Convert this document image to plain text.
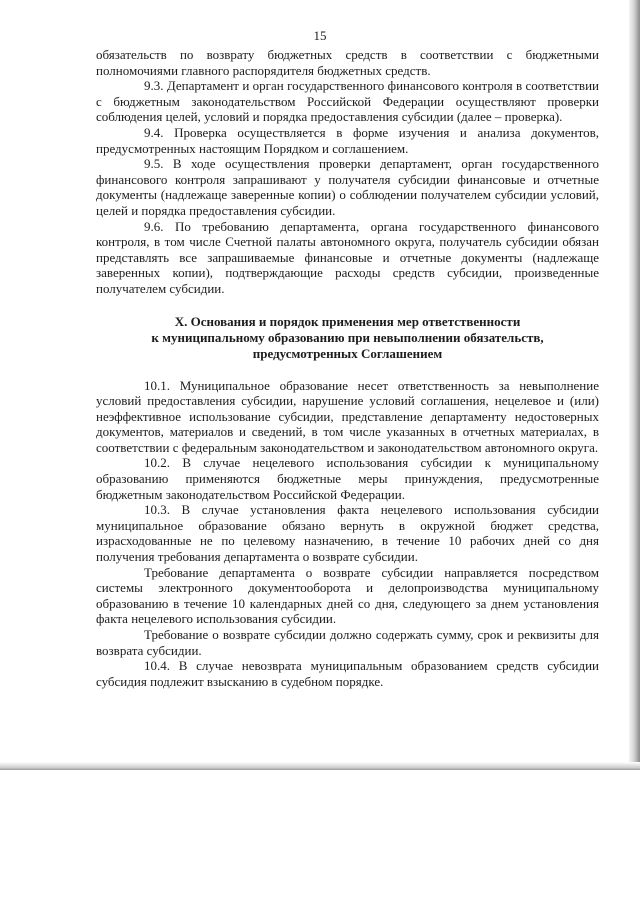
15

обязательств по возврату бюджетных средств в соответствии с бюджетными полномочиями главного распорядителя бюджетных средств.

9.3. Департамент и орган государственного финансового контроля в соответствии с бюджетным законодательством Российской Федерации осуществляют проверки соблюдения целей, условий и порядка предоставления субсидии (далее – проверка).

9.4. Проверка осуществляется в форме изучения и анализа документов, предусмотренных настоящим Порядком и соглашением.

9.5. В ходе осуществления проверки департамент, орган государственного финансового контроля запрашивают у получателя субсидии финансовые и отчетные документы (надлежаще заверенные копии) о соблюдении получателем субсидии условий, целей и порядка предоставления субсидии.

9.6. По требованию департамента, органа государственного финансового контроля, в том числе Счетной палаты автономного округа, получатель субсидии обязан представлять все запрашиваемые финансовые и отчетные документы (надлежаще заверенных копии), подтверждающие расходы средств субсидии, произведенные получателем субсидии.

X. Основания и порядок применения мер ответственности
к муниципальному образованию при невыполнении обязательств,
предусмотренных Соглашением

10.1. Муниципальное образование несет ответственность за невыполнение условий предоставления субсидии, нарушение условий соглашения, нецелевое и (или) неэффективное использование субсидии, представление департаменту недостоверных документов, материалов и сведений, в том числе указанных в отчетных материалах, в соответствии с федеральным законодательством и законодательством автономного округа.

10.2. В случае нецелевого использования субсидии к муниципальному образованию применяются бюджетные меры принуждения, предусмотренные бюджетным законодательством Российской Федерации.

10.3. В случае установления факта нецелевого использования субсидии муниципальное образование обязано вернуть в окружной бюджет средства, израсходованные не по целевому назначению, в течение 10 рабочих дней со дня получения требования департамента о возврате субсидии.

Требование департамента о возврате субсидии направляется посредством системы электронного документооборота и делопроизводства муниципальному образованию в течение 10 календарных дней со дня, следующего за днем установления факта нецелевого использования субсидии.

Требование о возврате субсидии должно содержать сумму, срок и реквизиты для возврата субсидии.

10.4. В случае невозврата муниципальным образованием средств субсидии субсидия подлежит взысканию в судебном порядке.
